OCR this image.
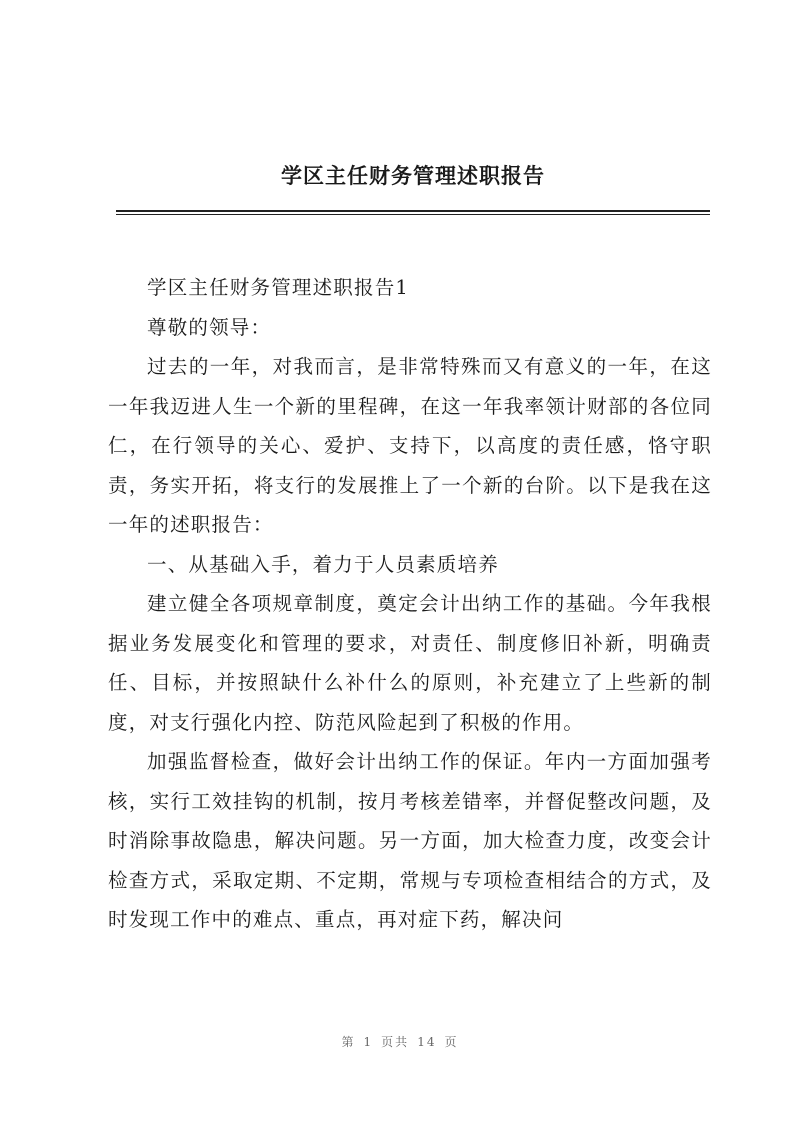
学区主任财务管理述职报告

学区主任财务管理述职报告1

尊敬的领导：

过去的一年，对我而言，是非常特殊而又有意义的一年，在这一年我迈进人生一个新的里程碑，在这一年我率领计财部的各位同仁，在行领导的关心、爱护、支持下，以高度的责任感，恪守职责，务实开拓，将支行的发展推上了一个新的台阶。以下是我在这一年的述职报告：

一、从基础入手，着力于人员素质培养

建立健全各项规章制度，奠定会计出纳工作的基础。今年我根据业务发展变化和管理的要求，对责任、制度修旧补新，明确责任、目标，并按照缺什么补什么的原则，补充建立了上些新的制度，对支行强化内控、防范风险起到了积极的作用。

加强监督检查，做好会计出纳工作的保证。年内一方面加强考核，实行工效挂钩的机制，按月考核差错率，并督促整改问题，及时消除事故隐患，解决问题。另一方面，加大检查力度，改变会计检查方式，采取定期、不定期，常规与专项检查相结合的方式，及时发现工作中的难点、重点，再对症下药，解决问

第 1 页共 14 页
